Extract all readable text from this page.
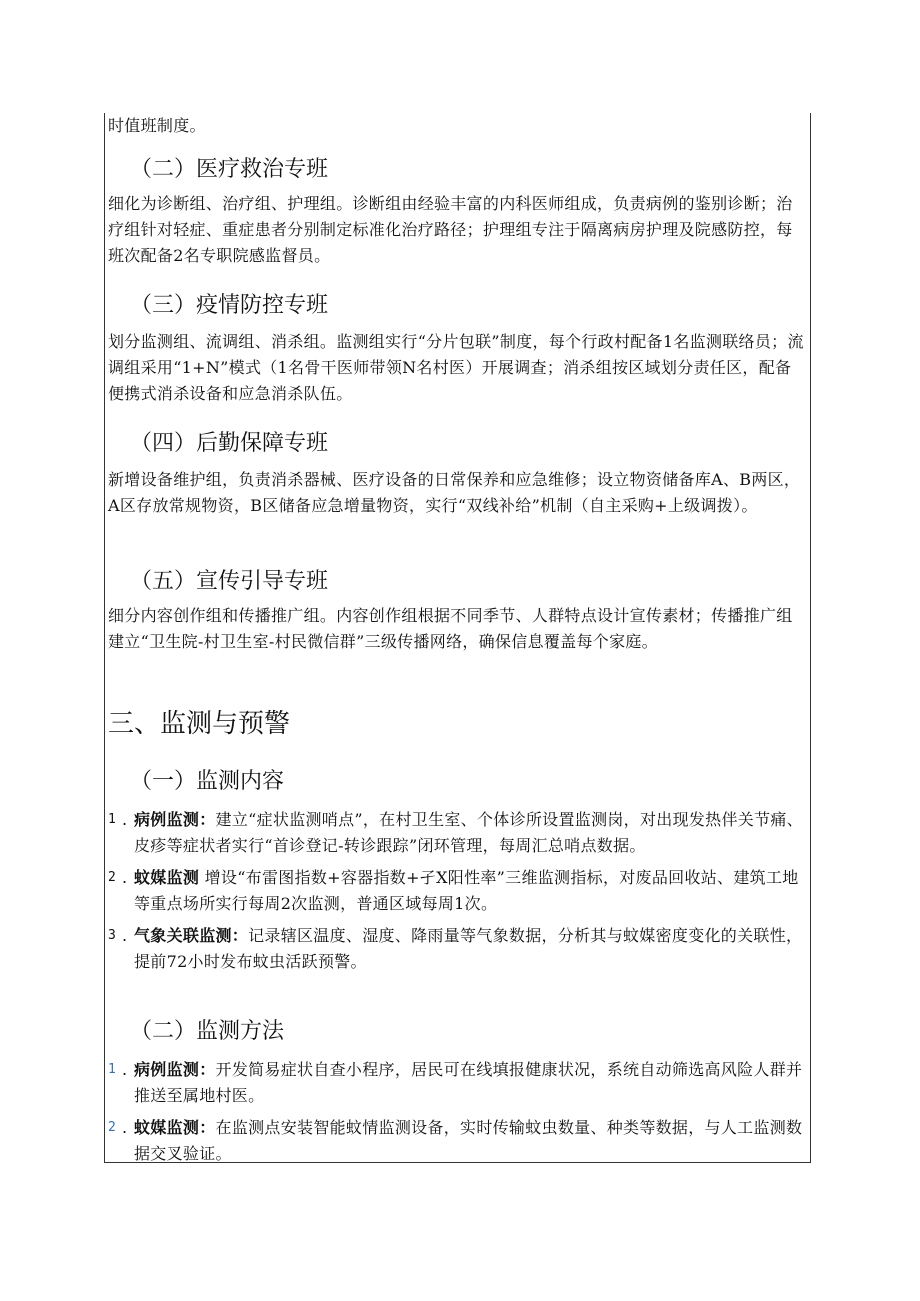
时值班制度。

（二）医疗救治专班

细化为诊断组、治疗组、护理组。诊断组由经验丰富的内科医师组成，负责病例的鉴别诊断；治疗组针对轻症、重症患者分别制定标准化治疗路径；护理组专注于隔离病房护理及院感防控，每班次配备2名专职院感监督员。

（三）疫情防控专班

划分监测组、流调组、消杀组。监测组实行“分片包联”制度，每个行政村配备1名监测联络员；流调组采用“1+N”模式（1名骨干医师带领N名村医）开展调查；消杀组按区域划分责任区，配备便携式消杀设备和应急消杀队伍。

（四）后勤保障专班

新增设备维护组，负责消杀器械、医疗设备的日常保养和应急维修；设立物资储备库A、B两区，A区存放常规物资，B区储备应急增量物资，实行“双线补给”机制（自主采购+上级调拨）。

（五）宣传引导专班

细分内容创作组和传播推广组。内容创作组根据不同季节、人群特点设计宣传素材；传播推广组建立“卫生院-村卫生室-村民微信群”三级传播网络，确保信息覆盖每个家庭。

三、监测与预警
（一）监测内容
1 . 病例监测：建立“症状监测哨点”，在村卫生室、个体诊所设置监测岗，对出现发热伴关节痛、皮疹等症状者实行“首诊登记-转诊跟踪”闭环管理，每周汇总哨点数据。
2 . 蚊媒监测 增设“布雷图指数+容器指数+孑X阳性率”三维监测指标，对废品回收站、建筑工地等重点场所实行每周2次监测，普通区域每周1次。
3 . 气象关联监测：记录辖区温度、湿度、降雨量等气象数据，分析其与蚊媒密度变化的关联性，提前72小时发布蚊虫活跃预警。
（二）监测方法
1 . 病例监测：开发简易症状自查小程序，居民可在线填报健康状况，系统自动筛选高风险人群并推送至属地村医。
2 . 蚊媒监测：在监测点安装智能蚊情监测设备，实时传输蚊虫数量、种类等数据，与人工监测数据交叉验证。
